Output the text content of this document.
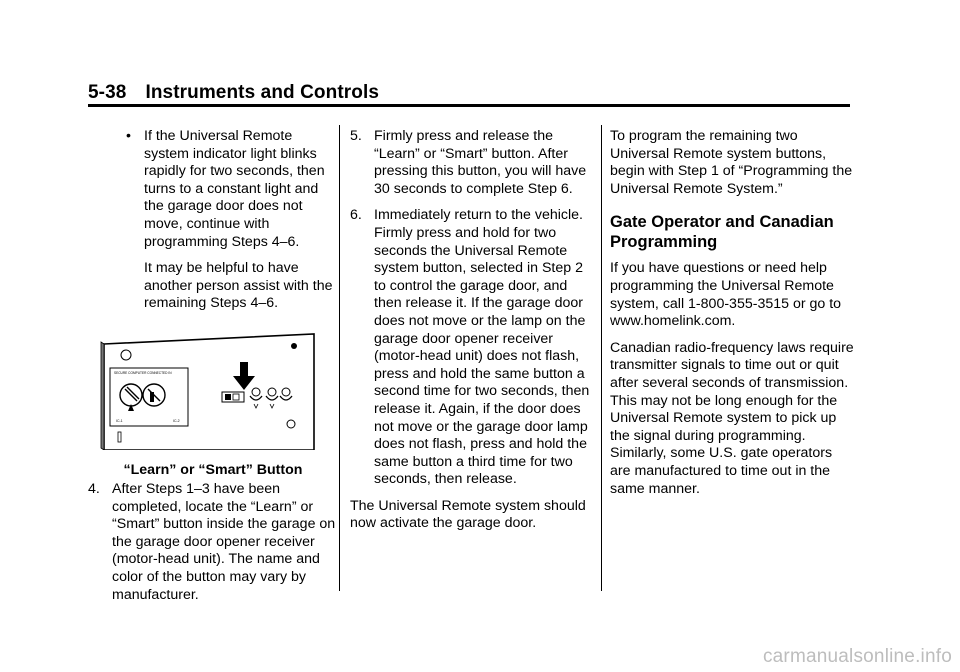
5-38 Instruments and Controls

• If the Universal Remote system indicator light blinks rapidly for two seconds, then turns to a constant light and the garage door does not move, continue with programming Steps 4–6.

It may be helpful to have another person assist with the remaining Steps 4–6.

SECURE COMPUTER CONNECTED IN
IC-1	IC-2

“Learn” or “Smart” Button

4. After Steps 1–3 have been completed, locate the “Learn” or “Smart” button inside the garage on the garage door opener receiver (motor-head unit). The name and color of the button may vary by manufacturer.
5. Firmly press and release the “Learn” or “Smart” button. After pressing this button, you will have 30 seconds to complete Step 6.
6. Immediately return to the vehicle. Firmly press and hold for two seconds the Universal Remote system button, selected in Step 2 to control the garage door, and then release it. If the garage door does not move or the lamp on the garage door opener receiver (motor-head unit) does not flash, press and hold the same button a second time for two seconds, then release it. Again, if the door does not move or the garage door lamp does not flash, press and hold the same button a third time for two seconds, then release.

The Universal Remote system should now activate the garage door.

To program the remaining two Universal Remote system buttons, begin with Step 1 of “Programming the Universal Remote System.”

Gate Operator and Canadian Programming

If you have questions or need help programming the Universal Remote system, call 1-800-355-3515 or go to www.homelink.com.

Canadian radio-frequency laws require transmitter signals to time out or quit after several seconds of transmission. This may not be long enough for the Universal Remote system to pick up the signal during programming. Similarly, some U.S. gate operators are manufactured to time out in the same manner.

carmanualsonline.info
